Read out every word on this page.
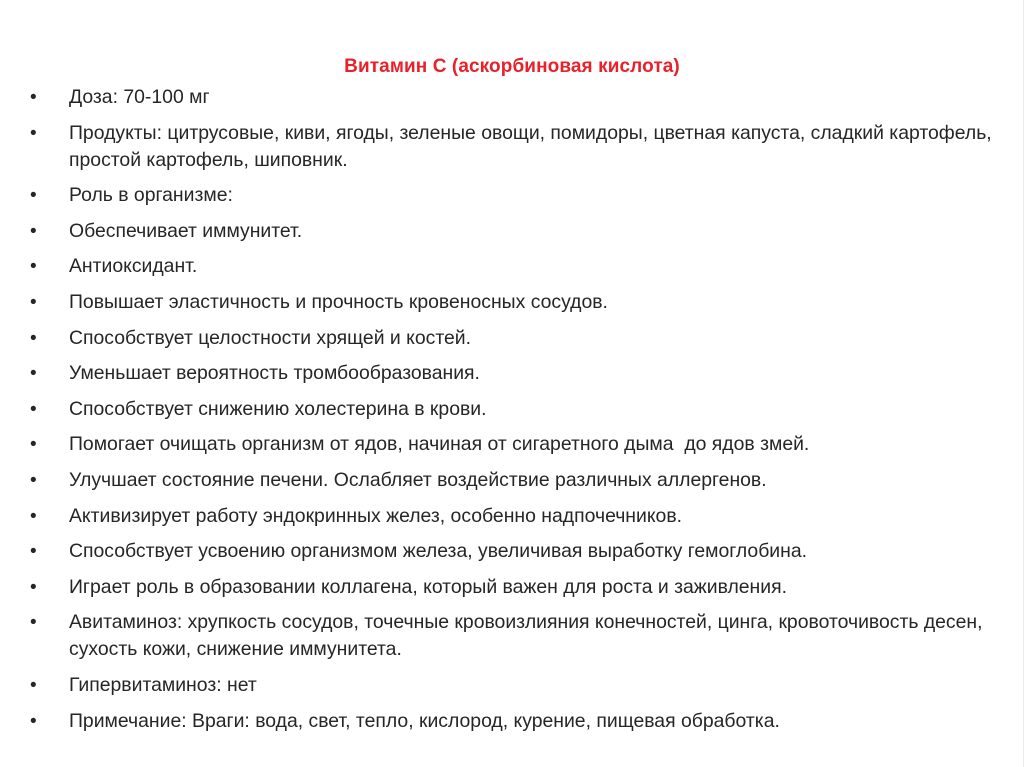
Витамин С (аскорбиновая кислота)
•	Доза: 70-100 мг
•	Продукты: цитрусовые, киви, ягоды, зеленые овощи, помидоры, цветная капуста, сладкий картофель, простой картофель, шиповник.
•	Роль в организме:
•	Обеспечивает иммунитет.
•	Антиоксидант.
•	Повышает эластичность и прочность кровеносных сосудов.
•	Способствует целостности хрящей и костей.
•	Уменьшает вероятность тромбообразования.
•	Способствует снижению холестерина в крови.
•	Помогает очищать организм от ядов, начиная от сигаретного дыма  до ядов змей.
•	Улучшает состояние печени. Ослабляет воздействие различных аллергенов.
•	Активизирует работу эндокринных желез, особенно надпочечников.
•	Способствует усвоению организмом железа, увеличивая выработку гемоглобина.
•	Играет роль в образовании коллагена, который важен для роста и заживления.
•	Авитаминоз: хрупкость сосудов, точечные кровоизлияния конечностей, цинга, кровоточивость десен, сухость кожи, снижение иммунитета.
•	Гипервитаминоз: нет
•	Примечание: Враги: вода, свет, тепло, кислород, курение, пищевая обработка.
